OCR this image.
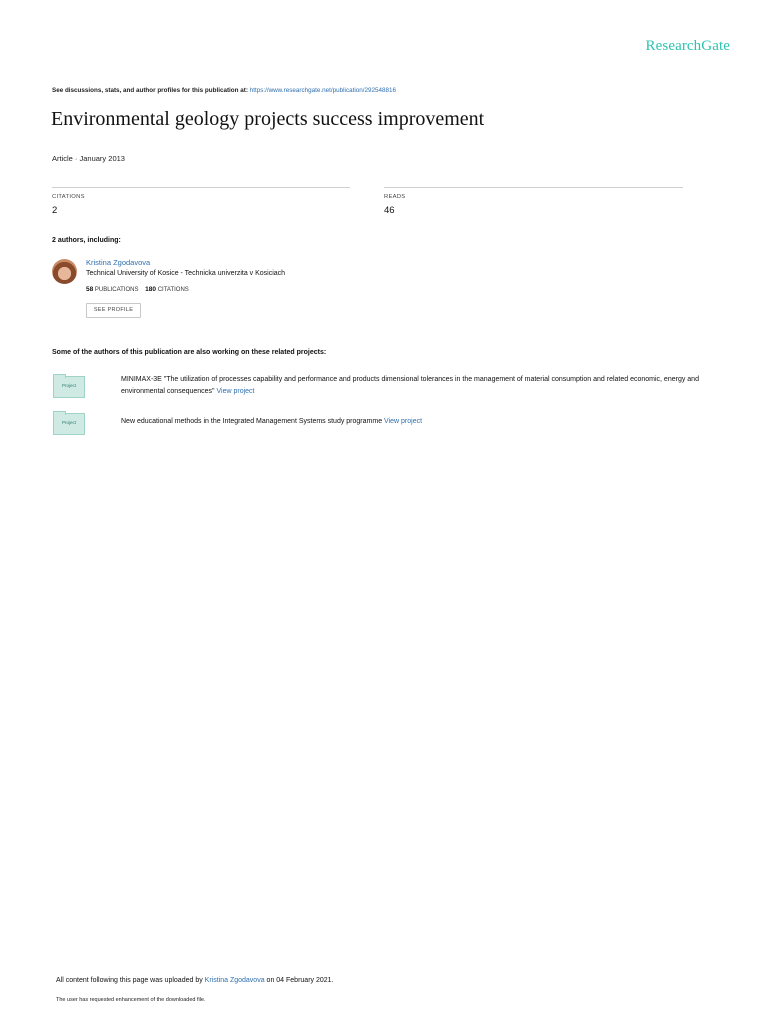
ResearchGate
See discussions, stats, and author profiles for this publication at: https://www.researchgate.net/publication/292548816
Environmental geology projects success improvement
Article · January 2013
CITATIONS
2
READS
46
2 authors, including:
Kristina Zgodavova
Technical University of Kosice - Technicka univerzita v Kosiciach
58 PUBLICATIONS 180 CITATIONS
SEE PROFILE
Some of the authors of this publication are also working on these related projects:
Project
MINIMAX-3E "The utilization of processes capability and performance and products dimensional tolerances in the management of material consumption and related economic, energy and environmental consequences" View project
Project	New educational methods in the Integrated Management Systems study programme View project
All content following this page was uploaded by Kristina Zgodavova on 04 February 2021.
The user has requested enhancement of the downloaded file.
